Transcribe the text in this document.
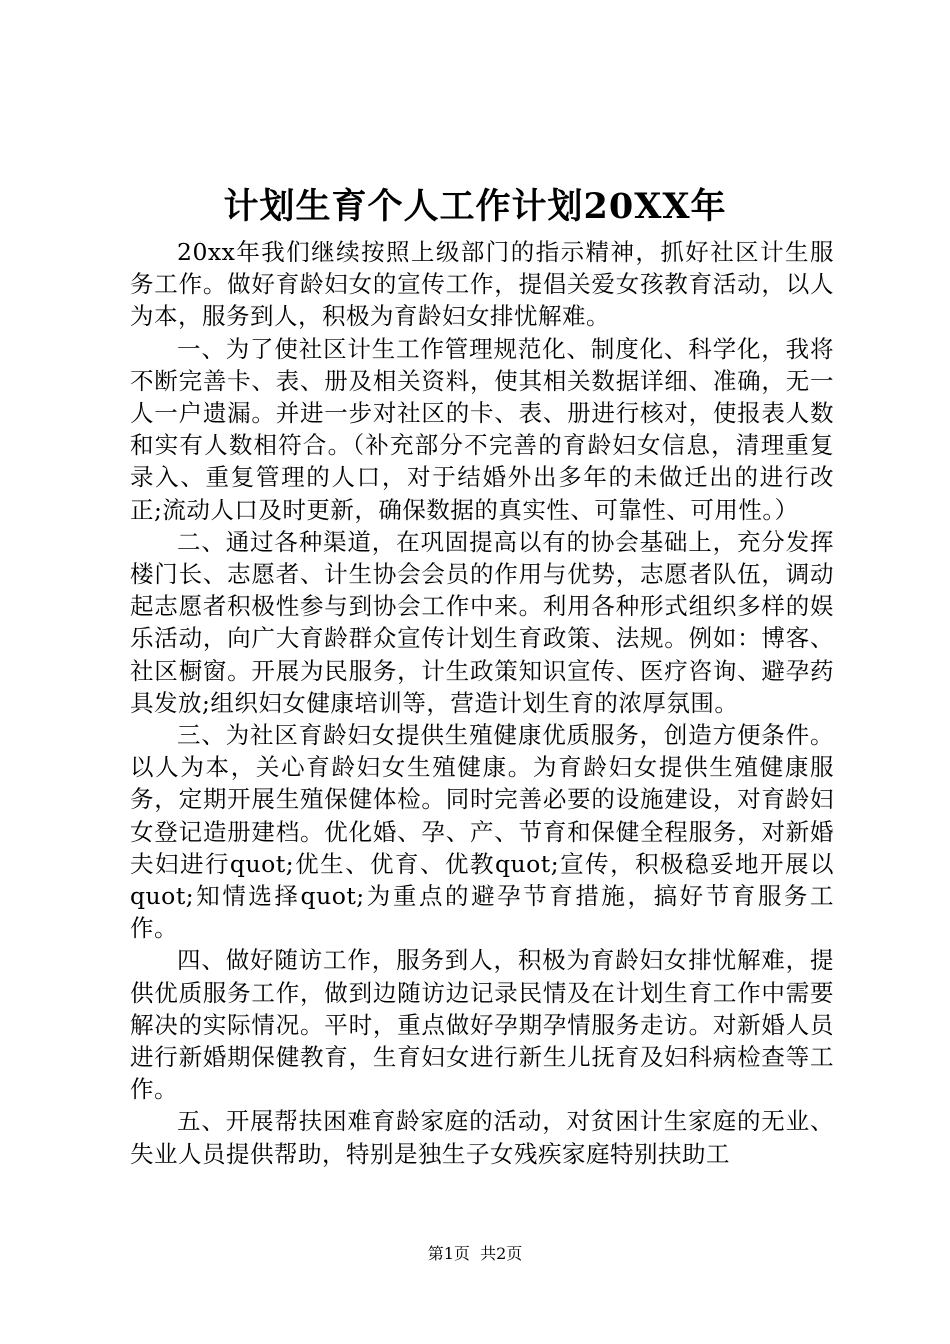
计划生育个人工作计划20XX年

20xx年我们继续按照上级部门的指示精神，抓好社区计生服务工作。做好育龄妇女的宣传工作，提倡关爱女孩教育活动，以人为本，服务到人，积极为育龄妇女排忧解难。

一、为了使社区计生工作管理规范化、制度化、科学化，我将不断完善卡、表、册及相关资料，使其相关数据详细、准确，无一人一户遗漏。并进一步对社区的卡、表、册进行核对，使报表人数和实有人数相符合。（补充部分不完善的育龄妇女信息，清理重复录入、重复管理的人口，对于结婚外出多年的未做迁出的进行改正;流动人口及时更新，确保数据的真实性、可靠性、可用性。）

二、通过各种渠道，在巩固提高以有的协会基础上，充分发挥楼门长、志愿者、计生协会会员的作用与优势，志愿者队伍，调动起志愿者积极性参与到协会工作中来。利用各种形式组织多样的娱乐活动，向广大育龄群众宣传计划生育政策、法规。例如：博客、社区橱窗。开展为民服务，计生政策知识宣传、医疗咨询、避孕药具发放;组织妇女健康培训等，营造计划生育的浓厚氛围。

三、为社区育龄妇女提供生殖健康优质服务，创造方便条件。以人为本，关心育龄妇女生殖健康。为育龄妇女提供生殖健康服务，定期开展生殖保健体检。同时完善必要的设施建设，对育龄妇女登记造册建档。优化婚、孕、产、节育和保健全程服务，对新婚夫妇进行quot;优生、优育、优教quot;宣传，积极稳妥地开展以quot;知情选择quot;为重点的避孕节育措施，搞好节育服务工作。

四、做好随访工作，服务到人，积极为育龄妇女排忧解难，提供优质服务工作，做到边随访边记录民情及在计划生育工作中需要解决的实际情况。平时，重点做好孕期孕情服务走访。对新婚人员进行新婚期保健教育，生育妇女进行新生儿抚育及妇科病检查等工作。

五、开展帮扶困难育龄家庭的活动，对贫困计生家庭的无业、失业人员提供帮助，特别是独生子女残疾家庭特别扶助工

第1页  共2页
